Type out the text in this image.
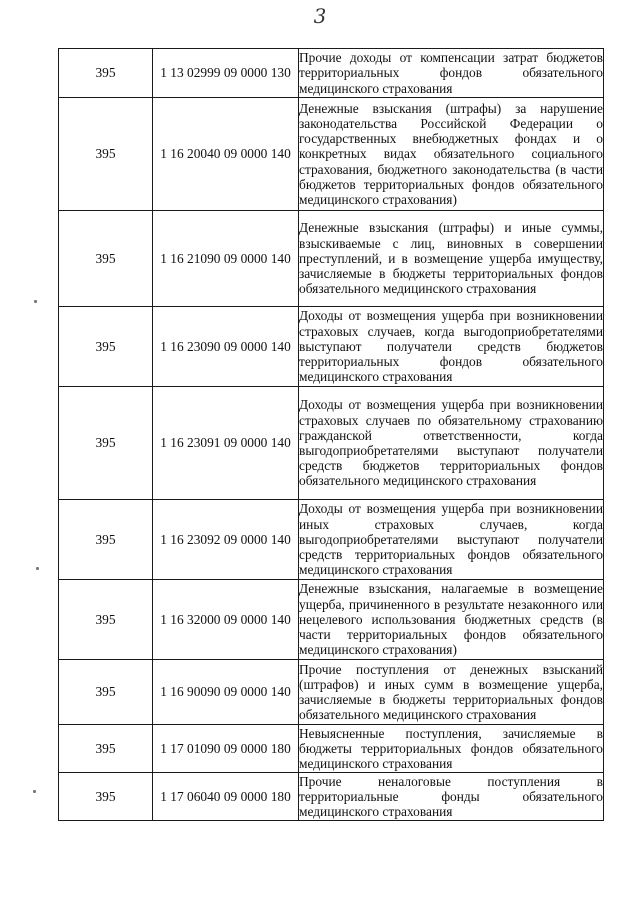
3
395	1 13 02999 09 0000 130	Прочие доходы от компенсации затрат бюджетов территориальных фондов обязательного медицинского страхования
395	1 16 20040 09 0000 140	Денежные взыскания (штрафы) за нарушение законодательства Российской Федерации о государственных внебюджетных фондах и о конкретных видах обязательного социального страхования, бюджетного законодательства (в части бюджетов территориальных фондов обязательного медицинского страхования)
395	1 16 21090 09 0000 140	Денежные взыскания (штрафы) и иные суммы, взыскиваемые с лиц, виновных в совершении преступлений, и в возмещение ущерба имуществу, зачисляемые в бюджеты территориальных фондов обязательного медицинского страхования
395	1 16 23090 09 0000 140	Доходы от возмещения ущерба при возникновении страховых случаев, когда выгодоприобретателями выступают получатели средств бюджетов территориальных фондов обязательного медицинского страхования
395	1 16 23091 09 0000 140	Доходы от возмещения ущерба при возникновении страховых случаев по обязательному страхованию гражданской ответственности, когда выгодоприобретателями выступают получатели средств бюджетов территориальных фондов обязательного медицинского страхования
395	1 16 23092 09 0000 140	Доходы от возмещения ущерба при возникновении иных страховых случаев, когда выгодоприобретателями выступают получатели средств территориальных фондов обязательного медицинского страхования
395	1 16 32000 09 0000 140	Денежные взыскания, налагаемые в возмещение ущерба, причиненного в результате незаконного или нецелевого использования бюджетных средств (в части территориальных фондов обязательного медицинского страхования)
395	1 16 90090 09 0000 140	Прочие поступления от денежных взысканий (штрафов) и иных сумм в возмещение ущерба, зачисляемые в бюджеты территориальных фондов обязательного медицинского страхования
395	1 17 01090 09 0000 180	Невыясненные поступления, зачисляемые в бюджеты территориальных фондов обязательного медицинского страхования
395	1 17 06040 09 0000 180	Прочие неналоговые поступления в территориальные фонды обязательного медицинского страхования
